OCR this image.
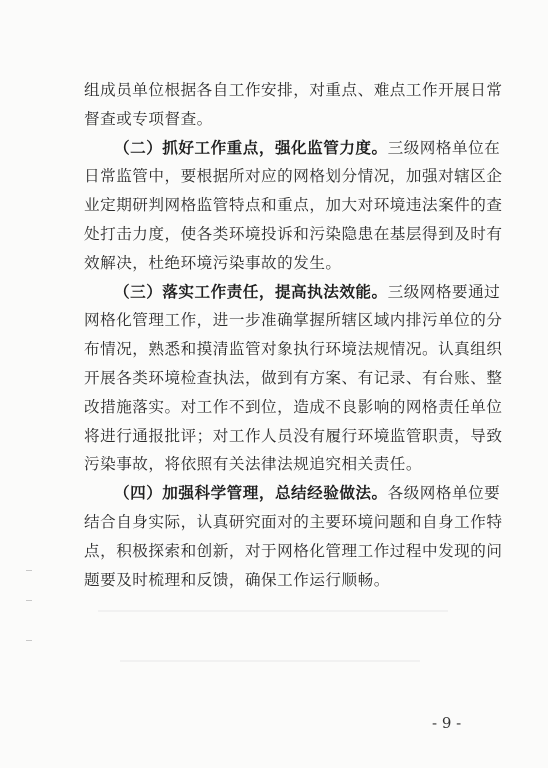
组成员单位根据各自工作安排，对重点、难点工作开展日常
督查或专项督查。
（二）抓好工作重点，强化监管力度。三级网格单位在
日常监管中，要根据所对应的网格划分情况，加强对辖区企
业定期研判网格监管特点和重点，加大对环境违法案件的查
处打击力度，使各类环境投诉和污染隐患在基层得到及时有
效解决，杜绝环境污染事故的发生。
（三）落实工作责任，提高执法效能。三级网格要通过
网格化管理工作，进一步准确掌握所辖区域内排污单位的分
布情况，熟悉和摸清监管对象执行环境法规情况。认真组织
开展各类环境检查执法，做到有方案、有记录、有台账、整
改措施落实。对工作不到位，造成不良影响的网格责任单位
将进行通报批评；对工作人员没有履行环境监管职责，导致
污染事故，将依照有关法律法规追究相关责任。
（四）加强科学管理，总结经验做法。各级网格单位要
结合自身实际，认真研究面对的主要环境问题和自身工作特
点，积极探索和创新，对于网格化管理工作过程中发现的问
题要及时梳理和反馈，确保工作运行顺畅。
- 9 -
